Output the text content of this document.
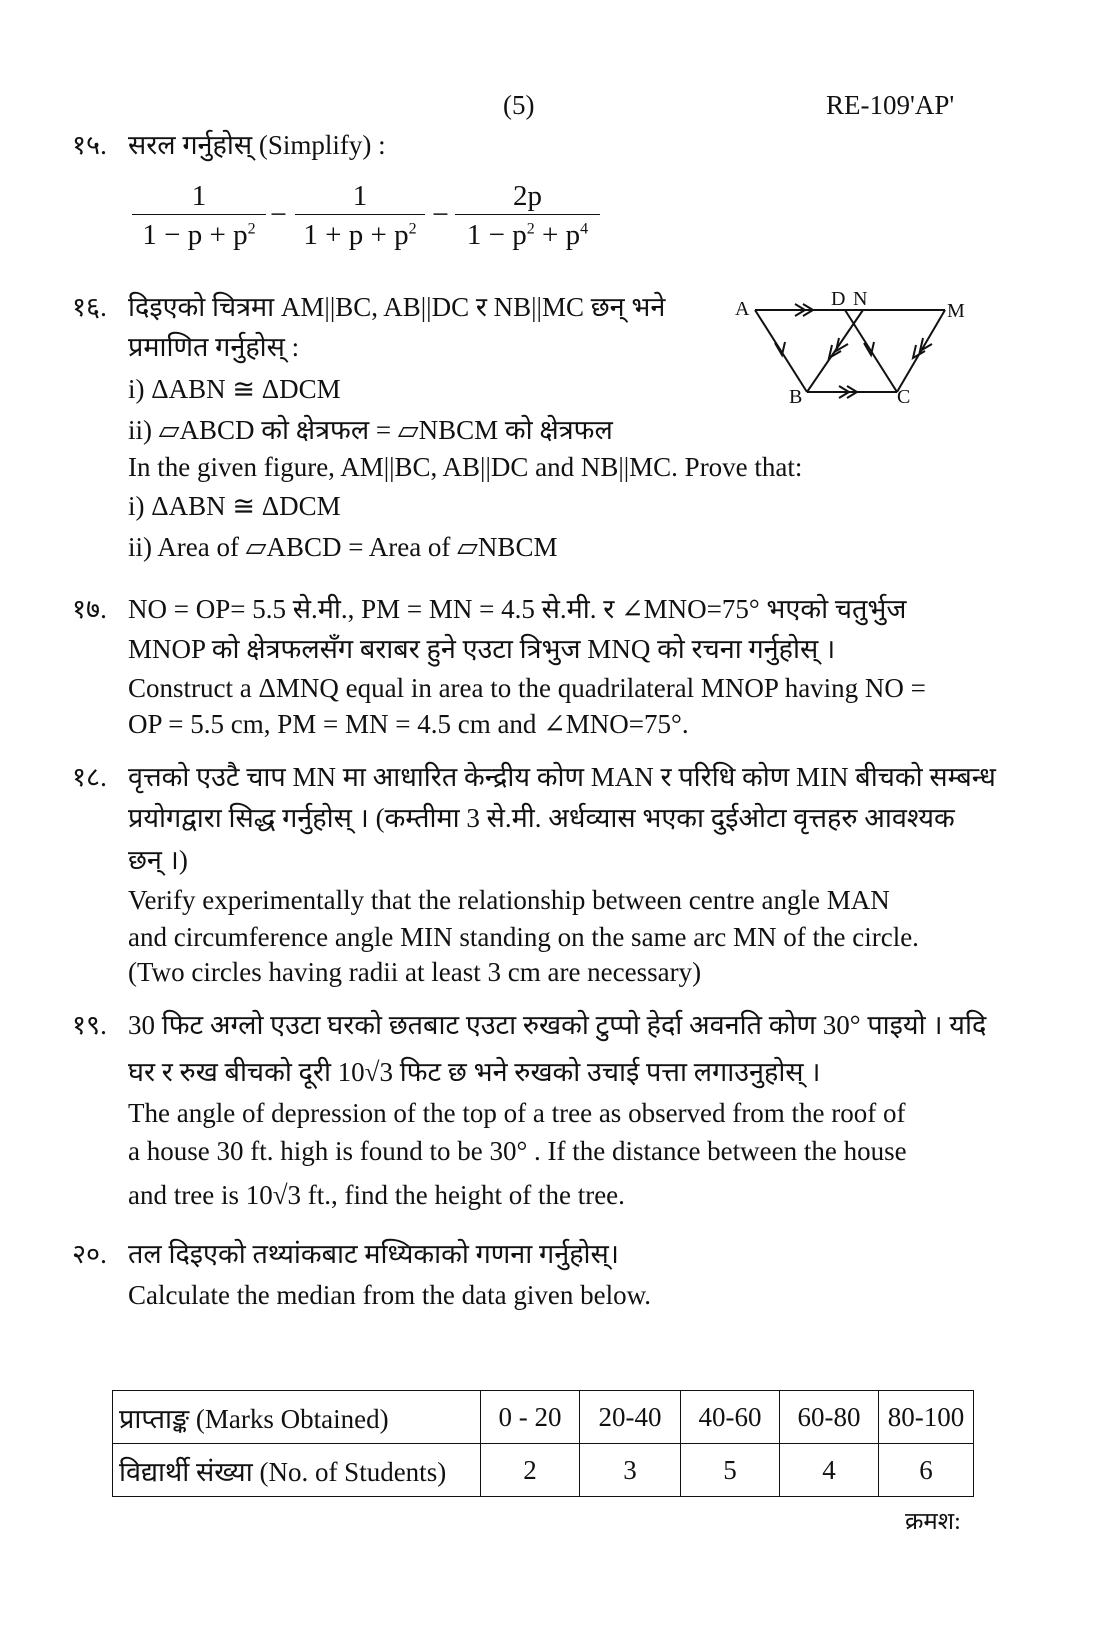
(5)	RE-109'AP'
१५. सरल गर्नुहोस् (Simplify) :
1
$1 - p + p^2$ −
1
$1 + p + p^2$ −
2p
$1 - p^2 + p^4$
१६. दिइएको चित्रमा AM||BC, AB||DC र NB||MC छन् भने
प्रमाणित गर्नुहोस् :
i) ΔABN ≅ ΔDCM
ii) ▱ABCD को क्षेत्रफल = ▱NBCM को क्षेत्रफल
In the given figure, AM||BC, AB||DC and NB||MC. Prove that:
i) ΔABN ≅ ΔDCM
ii) Area of ▱ABCD = Area of ▱NBCM
A	D N
M
B	C
१७. NO = OP= 5.5 से.मी., PM = MN = 4.5 से.मी. र ∠MNO=75° भएको चतुर्भुज
MNOP को क्षेत्रफलसँग बराबर हुने एउटा त्रिभुज MNQ को रचना गर्नुहोस् ।
Construct a ΔMNQ equal in area to the quadrilateral MNOP having NO =
OP = 5.5 cm, PM = MN = 4.5 cm and ∠MNO=75°.
१८. वृत्तको एउटै चाप MN मा आधारित केन्द्रीय कोण MAN र परिधि कोण MIN बीचको सम्बन्ध
प्रयोगद्वारा सिद्ध गर्नुहोस् । (कम्तीमा 3 से.मी. अर्धव्यास भएका दुईओटा वृत्तहरु आवश्यक
छन् ।)
Verify experimentally that the relationship between centre angle MAN
and circumference angle MIN standing on the same arc MN of the circle.
(Two circles having radii at least 3 cm are necessary)
१९. 30 फिट अग्लो एउटा घरको छतबाट एउटा रुखको टुप्पो हेर्दा अवनति कोण 30° पाइयो । यदि
घर र रुख बीचको दूरी 10√3 फिट छ भने रुखको उचाई पत्ता लगाउनुहोस् ।
The angle of depression of the top of a tree as observed from the roof of
a house 30 ft. high is found to be 30° . If the distance between the house
and tree is 10√3 ft., find the height of the tree.
२०. तल दिइएको तथ्यांकबाट मध्यिकाको गणना गर्नुहोस्।
Calculate the median from the data given below.
प्राप्ताङ्क (Marks Obtained)	0 - 20	20-40	40-60	60-80	80-100
विद्यार्थी संख्या (No. of Students)	2	3	5	4	6
क्रमश:
